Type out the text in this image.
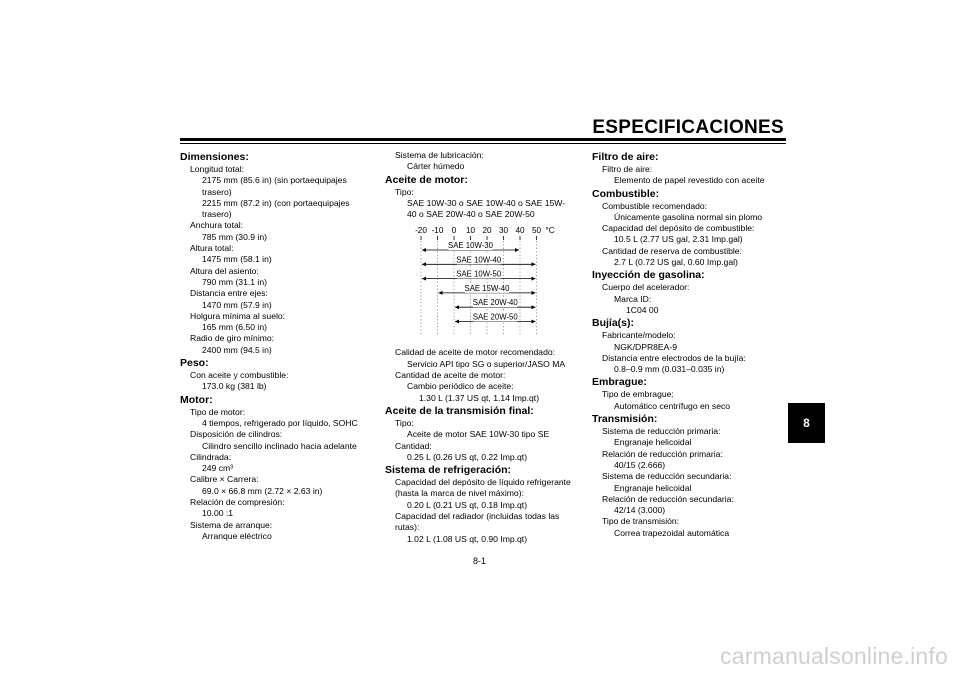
ESPECIFICACIONES
Dimensiones:
Longitud total:
2175 mm (85.6 in) (sin portaequipajes
trasero)
2215 mm (87.2 in) (con portaequipajes
trasero)
Anchura total:
785 mm (30.9 in)
Altura total:
1475 mm (58.1 in)
Altura del asiento:
790 mm (31.1 in)
Distancia entre ejes:
1470 mm (57.9 in)
Holgura mínima al suelo:
165 mm (6.50 in)
Radio de giro mínimo:
2400 mm (94.5 in)
Peso:
Con aceite y combustible:
173.0 kg (381 lb)
Motor:
Tipo de motor:
4 tiempos, refrigerado por líquido, SOHC
Disposición de cilindros:
Cilindro sencillo inclinado hacia adelante
Cilindrada:
249 cm³
Calibre × Carrera:
69.0 × 66.8 mm (2.72 × 2.63 in)
Relación de compresión:
10.00 :1
Sistema de arranque:
Arranque eléctrico
Sistema de lubricación:
Cárter húmedo
Aceite de motor:
Tipo:
SAE 10W-30 o SAE 10W-40 o SAE 15W-
40 o SAE 20W-40 o SAE 20W-50
-20 -10 0 10 20 30 40 50 °C
SAE 10W-30
SAE 10W-40
SAE 10W-50
SAE 15W-40
SAE 20W-40
SAE 20W-50
Calidad de aceite de motor recomendado:
Servicio API tipo SG o superior/JASO MA
Cantidad de aceite de motor:
Cambio periódico de aceite:
1.30 L (1.37 US qt, 1.14 Imp.qt)
Aceite de la transmisión final:
Tipo:
Aceite de motor SAE 10W-30 tipo SE
Cantidad:
0.25 L (0.26 US qt, 0.22 Imp.qt)
Sistema de refrigeración:
Capacidad del depósito de líquido refrigerante
(hasta la marca de nivel máximo):
0.20 L (0.21 US qt, 0.18 Imp.qt)
Capacidad del radiador (incluidas todas las
rutas):
1.02 L (1.08 US qt, 0.90 Imp.qt)
Filtro de aire:
Filtro de aire:
Elemento de papel revestido con aceite
Combustible:
Combustible recomendado:
Únicamente gasolina normal sin plomo
Capacidad del depósito de combustible:
10.5 L (2.77 US gal, 2.31 Imp.gal)
Cantidad de reserva de combustible:
2.7 L (0.72 US gal, 0.60 Imp.gal)
Inyección de gasolina:
Cuerpo del acelerador:
Marca ID:
1C04 00
Bujía(s):
Fabricante/modelo:
NGK/DPR8EA-9
Distancia entre electrodos de la bujía:
0.8–0.9 mm (0.031–0.035 in)
Embrague:
Tipo de embrague:
Automático centrífugo en seco
Transmisión:
Sistema de reducción primaria:
Engranaje helicoidal
Relación de reducción primaria:
40/15 (2.666)
Sistema de reducción secundaria:
Engranaje helicoidal
Relación de reducción secundaria:
42/14 (3.000)
Tipo de transmisión:
Correa trapezoidal automática
8
8-1
carmanualsonline.info
